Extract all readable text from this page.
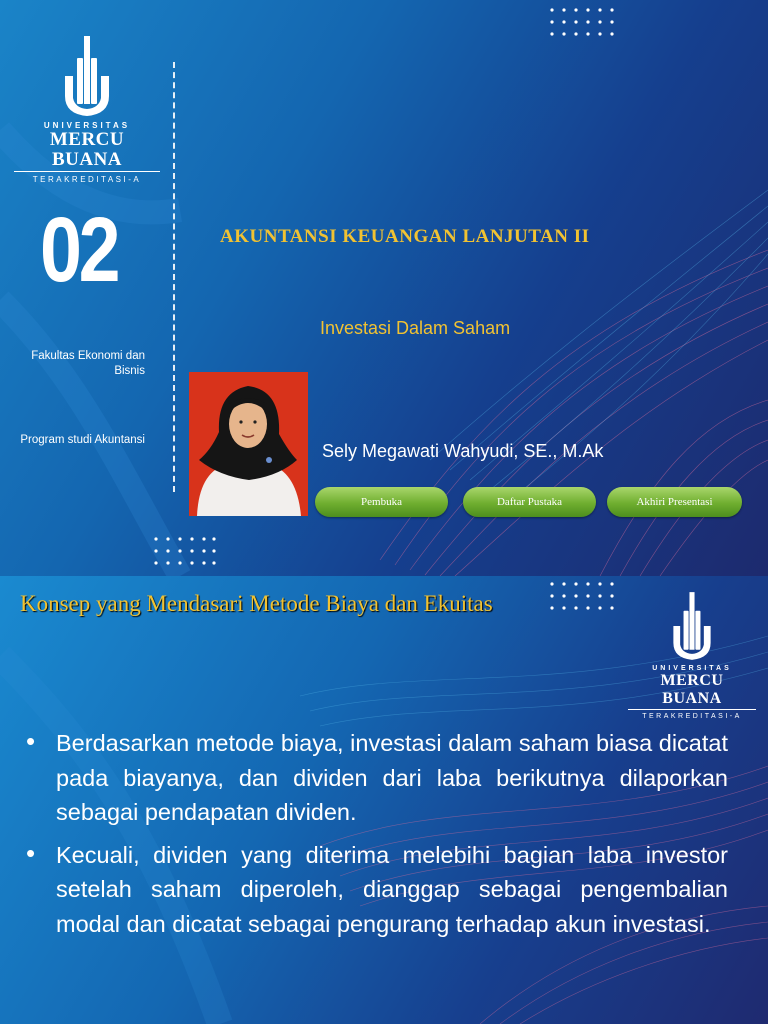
UNIVERSITAS
MERCU BUANA
TERAKREDITASI-A
02
Fakultas Ekonomi dan Bisnis
Program studi Akuntansi
AKUNTANSI KEUANGAN LANJUTAN II
Investasi Dalam Saham
Sely Megawati Wahyudi, SE., M.Ak
Pembuka	Daftar Pustaka	Akhiri Presentasi
Konsep yang Mendasari Metode Biaya dan Ekuitas
UNIVERSITAS
MERCU BUANA
TERAKREDITASI-A
• Berdasarkan metode biaya, investasi dalam saham biasa dicatat pada biayanya, dan dividen dari laba berikutnya dilaporkan sebagai pendapatan dividen.
• Kecuali, dividen yang diterima melebihi bagian laba investor setelah saham diperoleh, dianggap sebagai pengembalian modal dan dicatat sebagai pengurang terhadap akun investasi.
